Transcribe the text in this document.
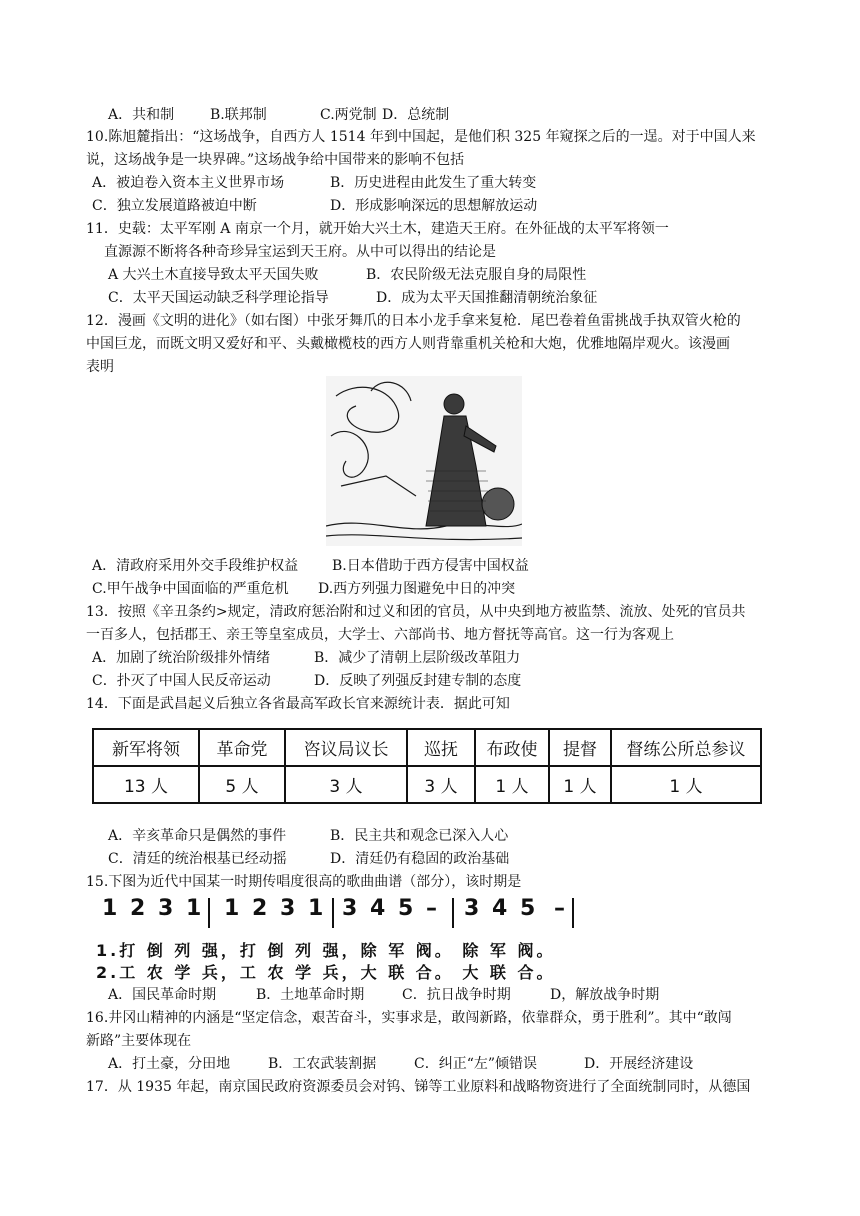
A．共和制	B.联邦制	C.两党制 D．总统制
10.陈旭麓指出：“这场战争，自西方人 1514 年到中国起，是他们积 325 年窥探之后的一逞。对于中国人来
说，这场战争是一块界碑。”这场战争给中国带来的影响不包括
A．被迫卷入资本主义世界市场	B．历史进程由此发生了重大转变
C．独立发展道路被迫中断	D．形成影响深远的思想解放运动
11．史载：太平军刚 A 南京一个月，就开始大兴土木，建造天王府。在外征战的太平军将领一
直源源不断将各种奇珍异宝运到天王府。从中可以得出的结论是
A 大兴土木直接导致太平天国失败	B．农民阶级无法克服自身的局限性
C．太平天国运动缺乏科学理论指导	D．成为太平天国推翻清朝统治象征
12．漫画《文明的进化》（如右图）中张牙舞爪的日本小龙手拿来复枪．尾巴卷着鱼雷挑战手执双管火枪的
中国巨龙，而既文明又爱好和平、头戴橄榄枝的西方人则背靠重机关枪和大炮，优雅地隔岸观火。该漫画
表明
A．清政府采用外交手段维护权益 B.日本借助于西方侵害中国权益
C.甲午战争中国面临的严重危机 D.西方列强力图避免中日的冲突
13．按照《辛丑条约>规定，清政府惩治附和过义和团的官员，从中央到地方被监禁、流放、处死的官员共
一百多人，包括郡王、亲王等皇室成员，大学士、六部尚书、地方督抚等高官。这一行为客观上
A．加剧了统治阶级排外情绪	B．减少了清朝上层阶级改革阻力
C．扑灭了中国人民反帝运动	D．反映了列强反封建专制的态度
14．下面是武昌起义后独立各省最高军政长官来源统计表．据此可知
新军将领	革命党	咨议局议长	巡抚	布政使	提督	督练公所总参议
13 人	5 人	3 人	3 人	1 人	1 人	1 人
A．辛亥革命只是偶然的事件	B．民主共和观念已深入人心
C．清廷的统治根基已经动摇	D．清廷仍有稳固的政治基础
15.下图为近代中国某一时期传唱度很高的歌曲曲谱（部分），该时期是
1 2 3 1 1 2 3 1 3 4 5 – 3 4 5 –
1.打 倒 列 强，打 倒 列 强，除 军 阀。 除 军 阀。
2.工 农 学 兵，工 农 学 兵，大 联 合。 大 联 合。
A．国民革命时期	B．土地革命时期	C．抗日战争时期	D，解放战争时期
16.井冈山精神的内涵是“坚定信念，艰苦奋斗，实事求是，敢闯新路，依靠群众，勇于胜利”。其中“敢闯
新路”主要体现在
A．打土豪，分田地	B．工农武装割据	C．纠正“左”倾错误	D．开展经济建设
17．从 1935 年起，南京国民政府资源委员会对钨、锑等工业原料和战略物资进行了全面统制同时，从德国
